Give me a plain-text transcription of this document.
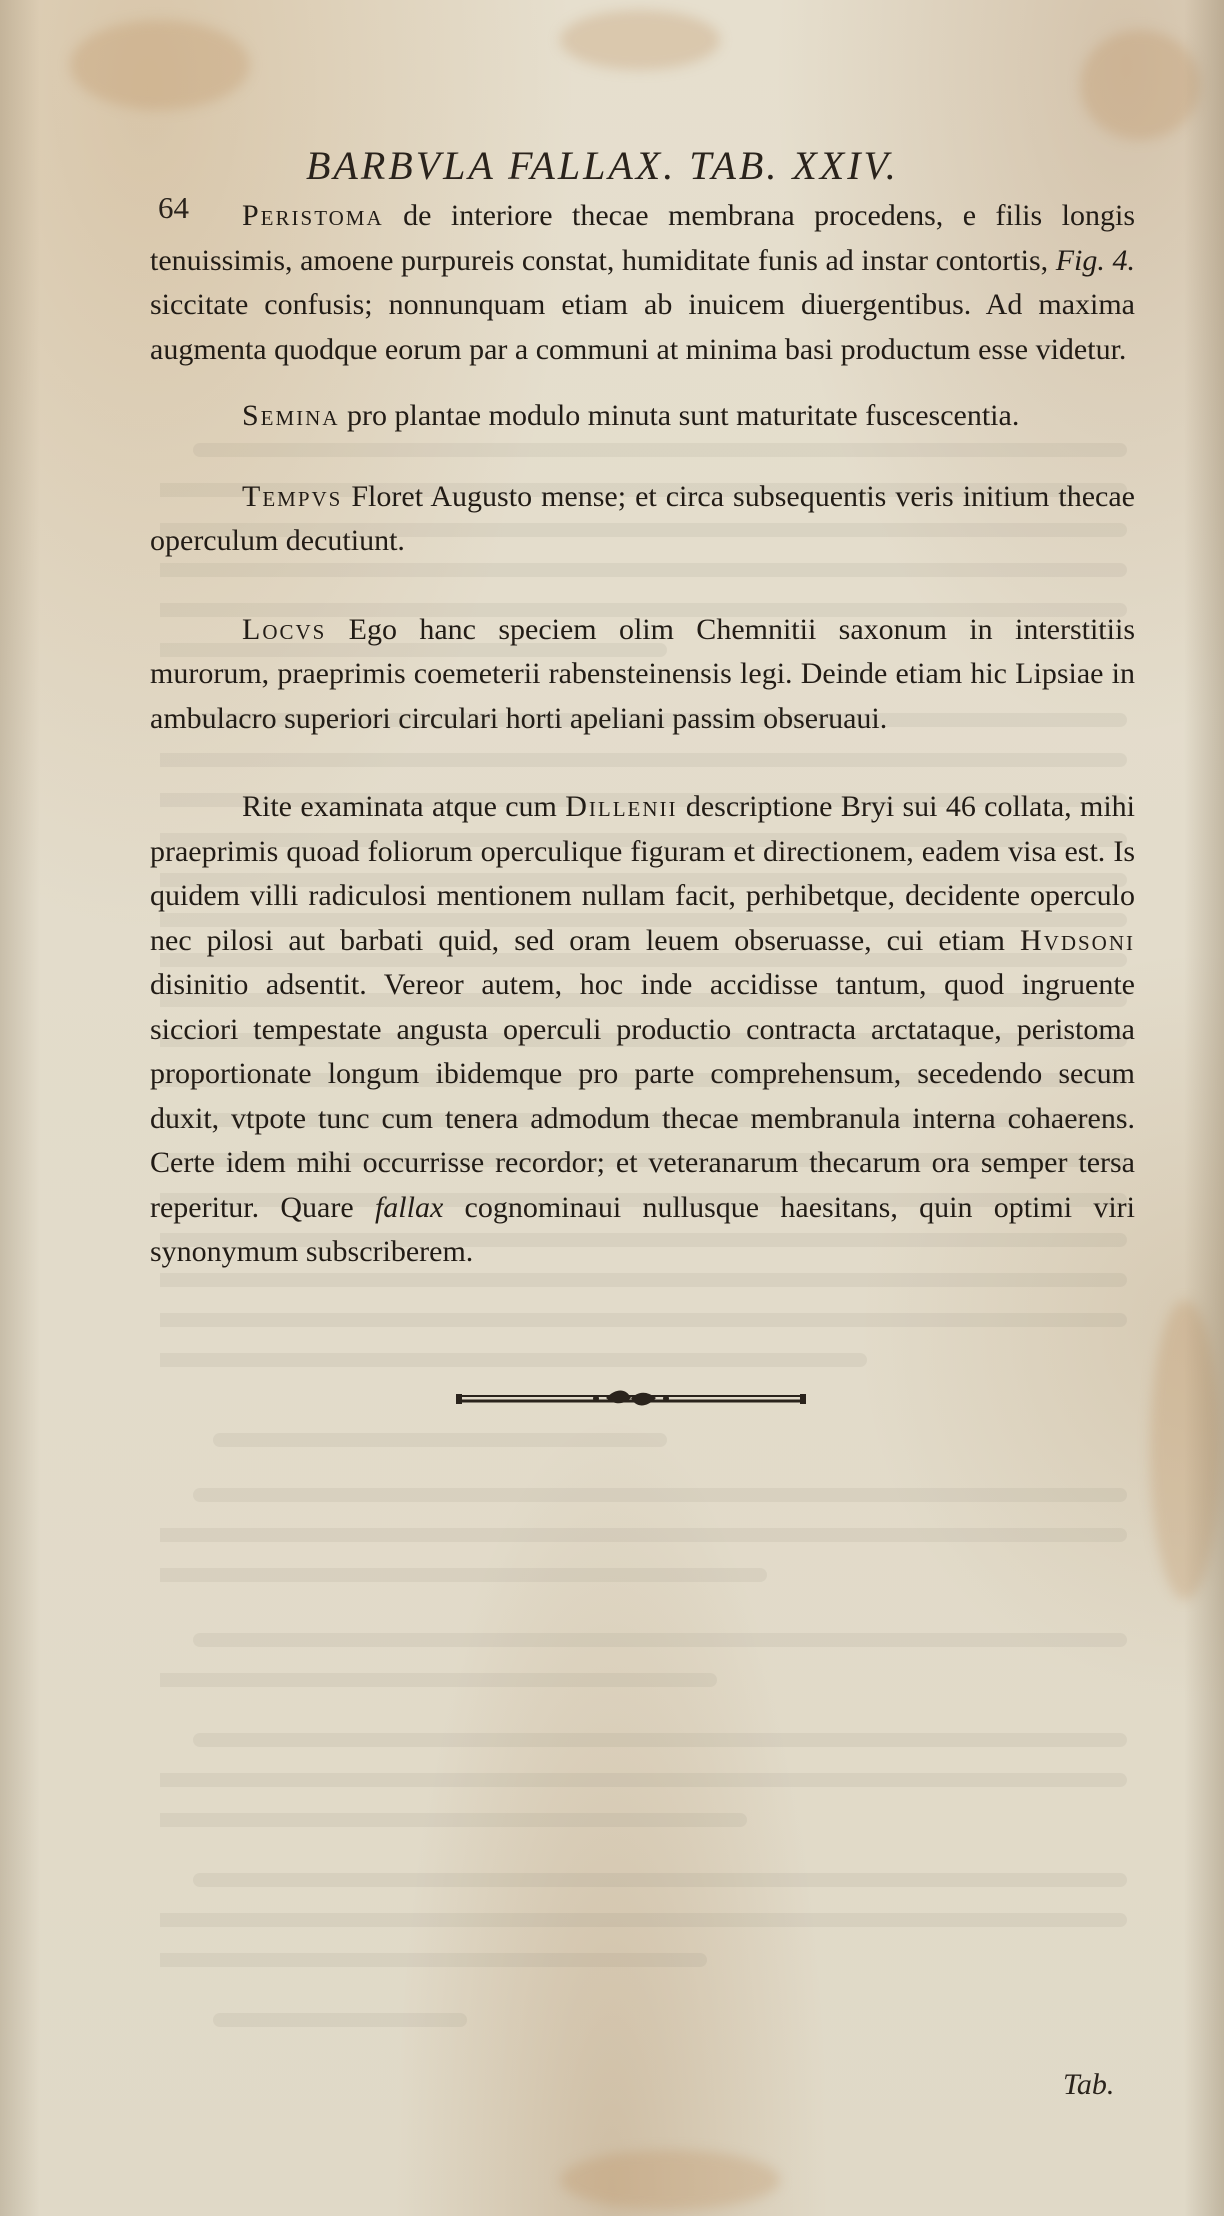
64
BARBVLA FALLAX. TAB. XXIV.

Peristoma de interiore thecae membrana procedens, e filis longis tenuissimis, amoene purpureis constat, humiditate funis ad instar contortis, Fig. 4. siccitate confusis; nonnunquam etiam ab inuicem diuergentibus. Ad maxima augmenta quodque eorum par a communi at minima basi productum esse videtur.

Semina pro plantae modulo minuta sunt maturitate fuscescentia.

Tempvs Floret Augusto mense; et circa subsequentis veris initium thecae operculum decutiunt.

Locvs Ego hanc speciem olim Chemnitii saxonum in interstitiis murorum, praeprimis coemeterii rabensteinensis legi. Deinde etiam hic Lipsiae in ambulacro superiori circulari horti apeliani passim obseruaui.

Rite examinata atque cum Dillenii descriptione Bryi sui 46 collata, mihi praeprimis quoad foliorum operculique figuram et directionem, eadem visa est. Is quidem villi radiculosi mentionem nullam facit, perhibetque, decidente operculo nec pilosi aut barbati quid, sed oram leuem obseruasse, cui etiam Hvdsoni disinitio adsentit. Vereor autem, hoc inde accidisse tantum, quod ingruente sicciori tempestate angusta operculi productio contracta arctataque, peristoma proportionate longum ibidemque pro parte comprehensum, secedendo secum duxit, vtpote tunc cum tenera admodum thecae membranula interna cohaerens. Certe idem mihi occurrisse recordor; et veteranarum thecarum ora semper tersa reperitur. Quare fallax cognominaui nullusque haesitans, quin optimi viri synonymum subscriberem.

Tab.
